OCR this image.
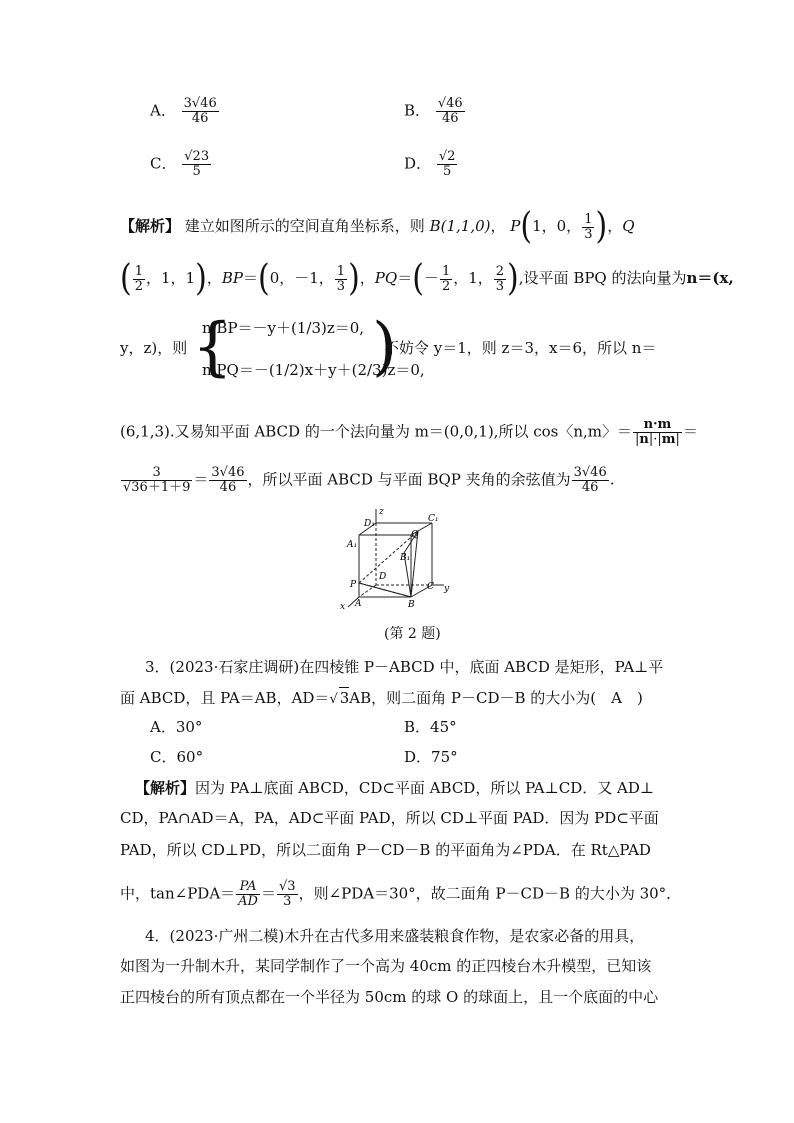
A． $\frac{3√46}{46}$	B． $\frac{√46}{46}$
C． $\frac{√23}{5}$	D． $\frac{√2}{5}$
【解析】 建立如图所示的空间直角坐标系，则 B(1,1,0)， P(1，0， $\frac{1}{3}$ )，Q
( $\frac{1}{2}$ ，1，1)，BP＝(0，－1， $\frac{1}{3}$ )，$PQ=(- \frac{1}{2}$ ，1， $\frac{2}{3}$ ),设平面 BPQ 的法向量为n＝(x,
y，z)，则 {
n·BP＝－y＋(1/3)z＝0,
n·PQ＝－(1/2)x＋y＋(2/3)z＝0,
)
不妨令 y＝1，则 z＝3，x＝6，所以 n＝
(6,1,3).又易知平面 ABCD 的一个法向量为 m＝(0,0,1),所以 cos〈n,m〉＝ $\frac{n\cdot m}{|n|\cdot|m|}$ ＝
$\frac{3}{√36+1+9} = \frac{3√46}{46}$ ，所以平面 ABCD 与平面 BQP 夹角的余弦值为 $\frac{3√46}{46}$ .
z
y
x
D₁	C₁
A₁
B₁
Q
D
P	C
A	B
(第 2 题)
3．(2023·石家庄调研)在四棱锥 P－ABCD 中，底面 ABCD 是矩形，PA⊥平
面 ABCD，且 PA＝AB，AD＝√ 3AB，则二面角 P－CD－B 的大小为(　A　)
A．30°	B．45°
C．60°	D．75°
【解析】因为 PA⊥底面 ABCD，CD⊂平面 ABCD，所以 PA⊥CD．又 AD⊥
CD，PA∩AD＝A，PA，AD⊂平面 PAD，所以 CD⊥平面 PAD．因为 PD⊂平面
PAD，所以 CD⊥PD，所以二面角 P－CD－B 的平面角为∠PDA．在 Rt△PAD
中，tan∠PDA＝ $\frac{PA}{AD} = \frac{√3}{3}$ ，则∠PDA＝30°，故二面角 P－CD－B 的大小为 30°．
4．(2023·广州二模)木升在古代多用来盛装粮食作物，是农家必备的用具，
如图为一升制木升，某同学制作了一个高为 40cm 的正四棱台木升模型，已知该
正四棱台的所有顶点都在一个半径为 50cm 的球 O 的球面上，且一个底面的中心
